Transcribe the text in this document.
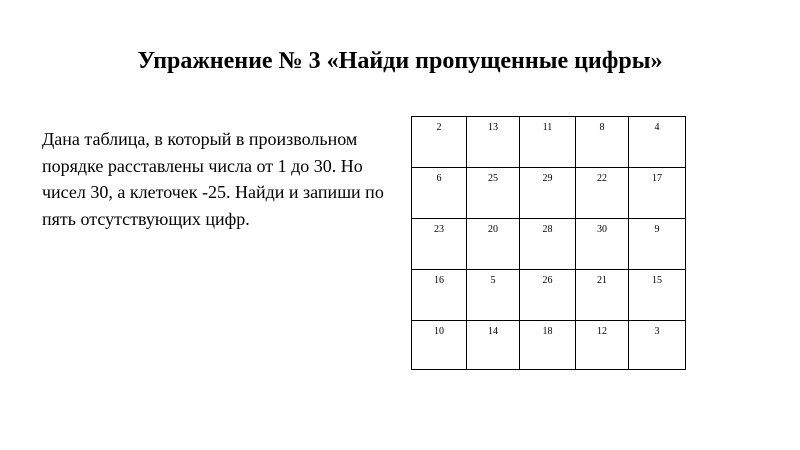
Упражнение № 3 «Найди пропущенные цифры»

Дана таблица, в который в произвольном порядке расставлены числа от 1 до 30. Но чисел 30, а клеточек -25. Найди и запиши по пять отсутствующих цифр.

2	13	11	8	4
6	25	29	22	17
23	20	28	30	9
16	5	26	21	15
10	14	18	12	3
